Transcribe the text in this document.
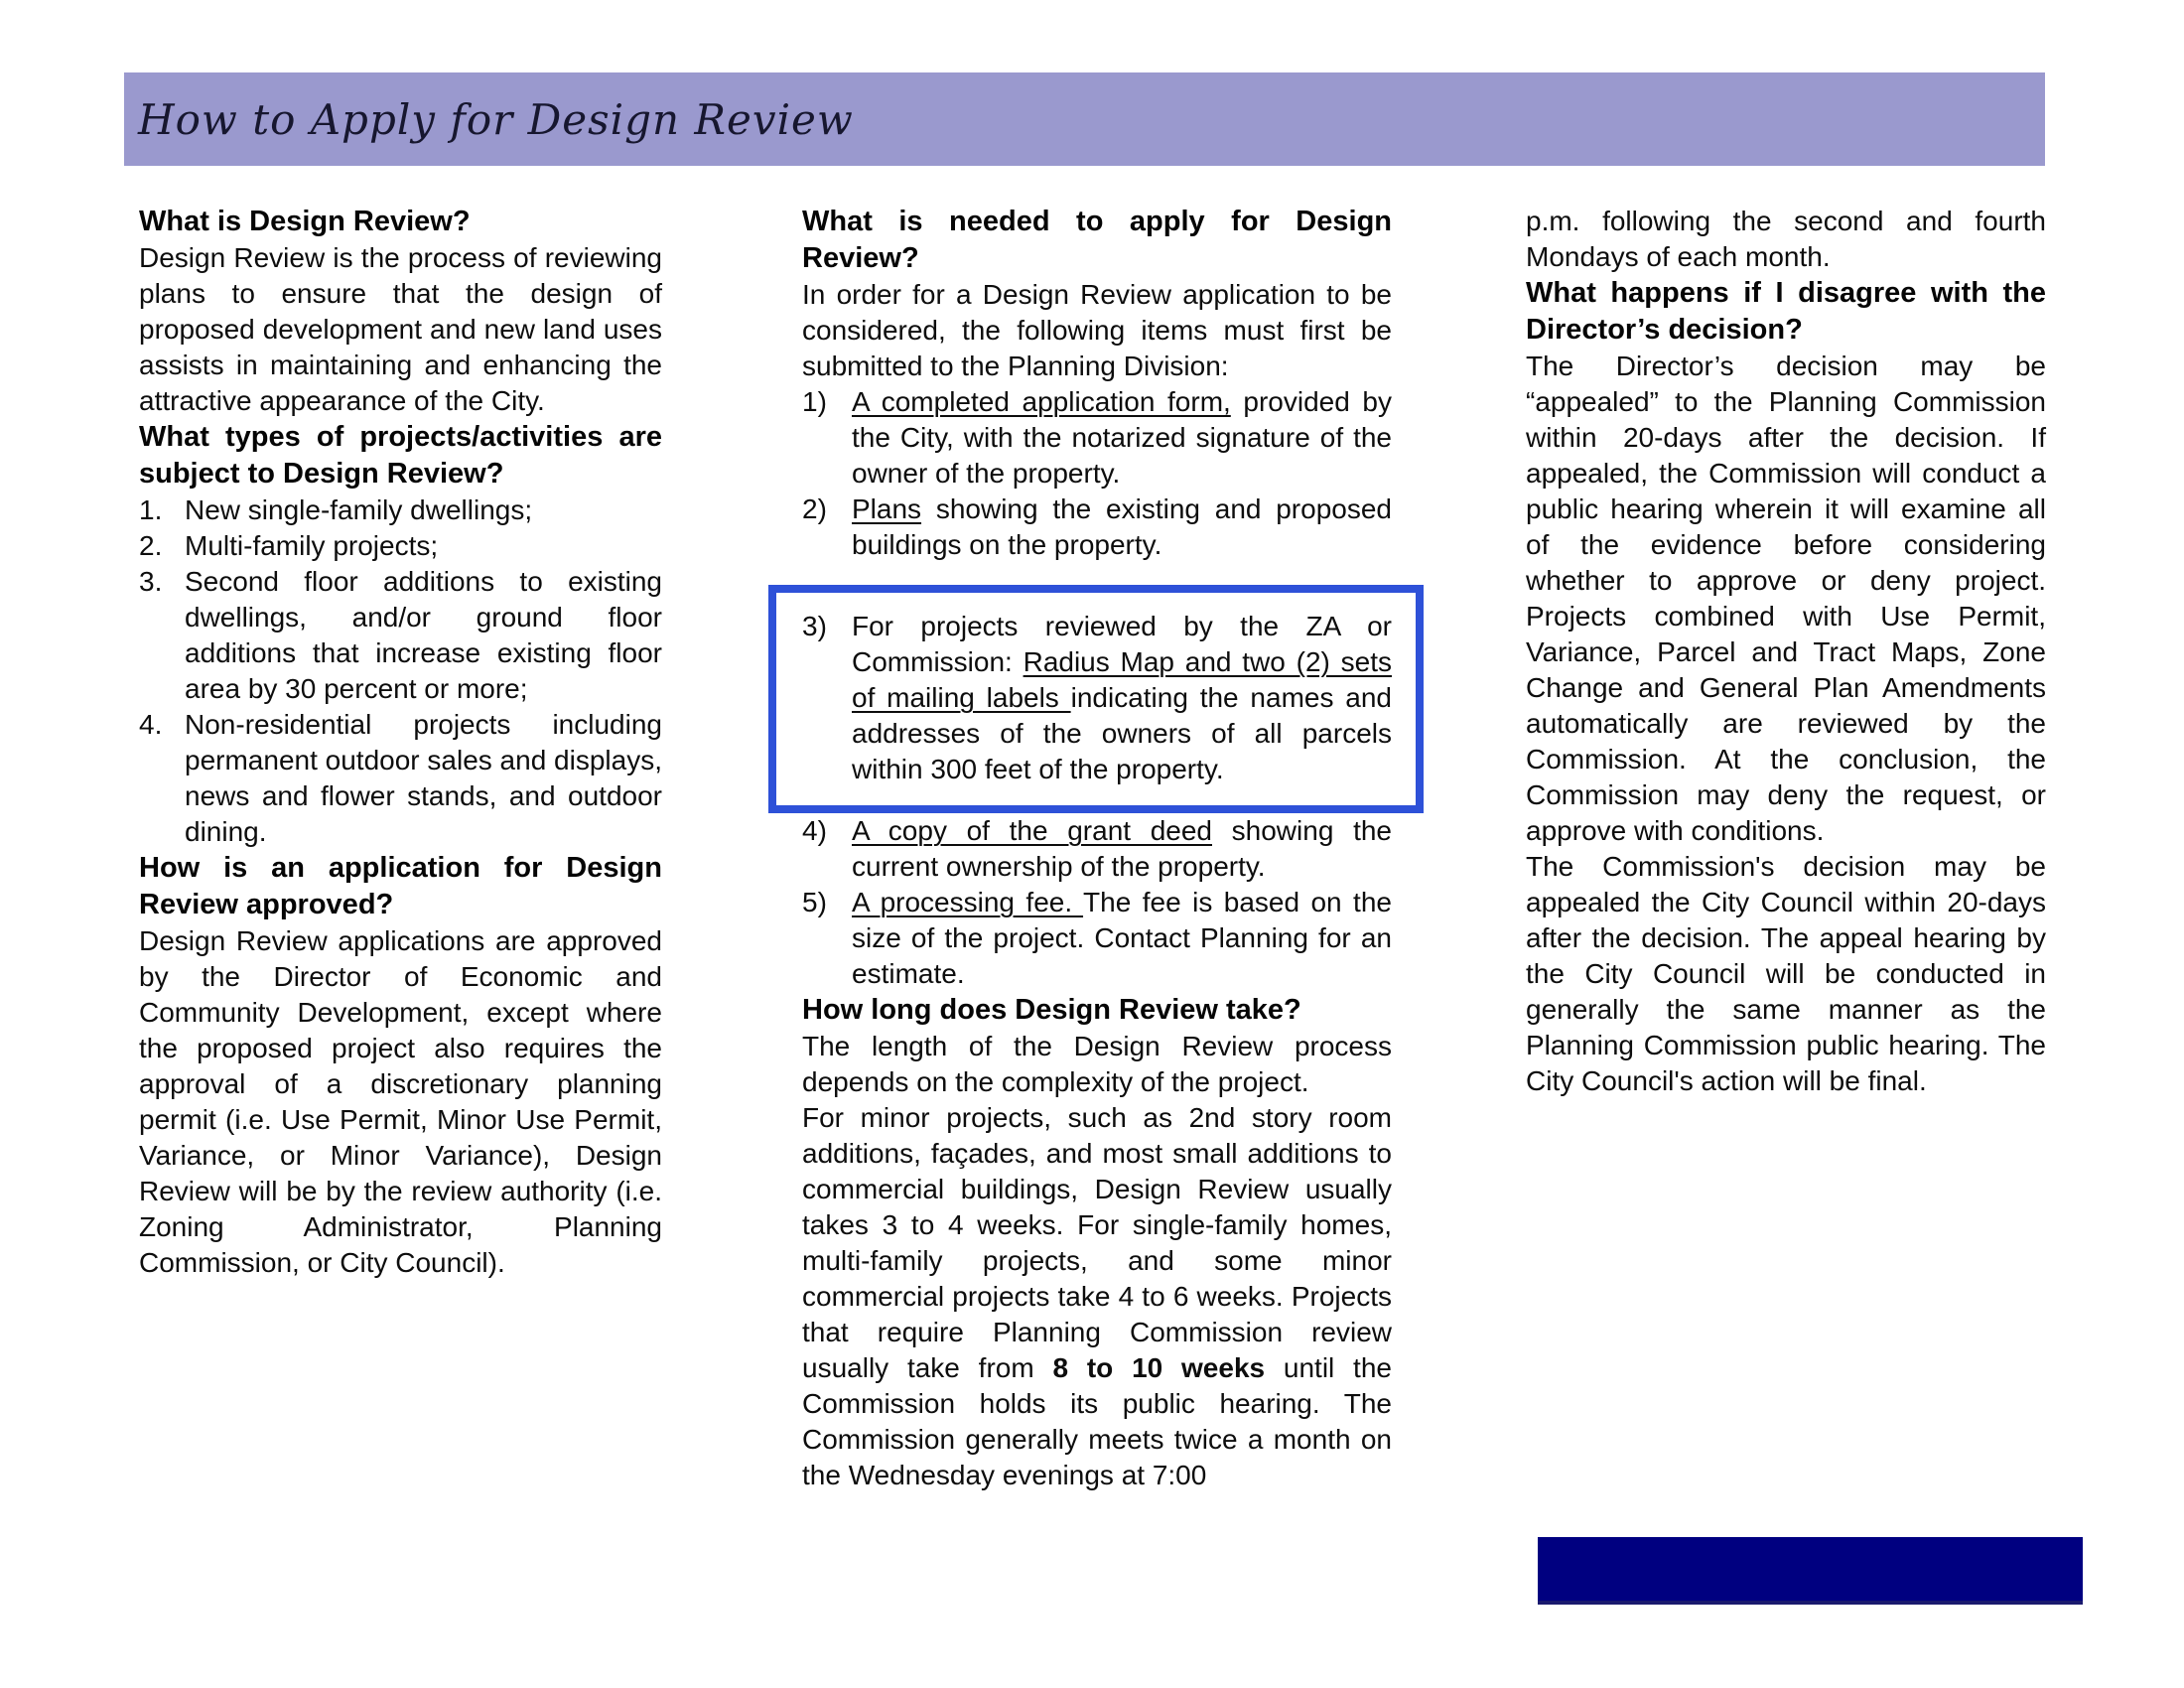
How to Apply for Design Review
What is Design Review?
Design Review is the process of reviewing plans to ensure that the design of proposed development and new land uses assists in maintaining and enhancing the attractive appearance of the City.
What types of projects/activities are subject to Design Review?
1. New single-family dwellings;
2. Multi-family projects;
3. Second floor additions to existing dwellings, and/or ground floor additions that increase existing floor area by 30 percent or more;
4. Non-residential projects including permanent outdoor sales and displays, news and flower stands, and outdoor dining.
How is an application for Design Review approved?
Design Review applications are approved by the Director of Economic and Community Development, except where the proposed project also requires the approval of a discretionary planning permit (i.e. Use Permit, Minor Use Permit, Variance, or Minor Variance), Design Review will be by the review authority (i.e. Zoning Administrator, Planning Commission, or City Council).
What is needed to apply for Design Review?
In order for a Design Review application to be considered, the following items must first be submitted to the Planning Division:
1) A completed application form, provided by the City, with the notarized signature of the owner of the property.
2) Plans showing the existing and proposed buildings on the property.
3) For projects reviewed by the ZA or Commission: Radius Map and two (2) sets of mailing labels indicating the names and addresses of the owners of all parcels within 300 feet of the property.
4) A copy of the grant deed showing the current ownership of the property.
5) A processing fee. The fee is based on the size of the project. Contact Planning for an estimate.
How long does Design Review take?
The length of the Design Review process depends on the complexity of the project.
For minor projects, such as 2nd story room additions, façades, and most small additions to commercial buildings, Design Review usually takes 3 to 4 weeks. For single-family homes, multi-family projects, and some minor commercial projects take 4 to 6 weeks. Projects that require Planning Commission review usually take from 8 to 10 weeks until the Commission holds its public hearing. The Commission generally meets twice a month on the Wednesday evenings at 7:00
p.m. following the second and fourth Mondays of each month.
What happens if I disagree with the Director’s decision?
The Director’s decision may be “appealed” to the Planning Commission within 20-days after the decision. If appealed, the Commission will conduct a public hearing wherein it will examine all of the evidence before considering whether to approve or deny project. Projects combined with Use Permit, Variance, Parcel and Tract Maps, Zone Change and General Plan Amendments automatically are reviewed by the Commission. At the conclusion, the Commission may deny the request, or approve with conditions.
The Commission's decision may be appealed the City Council within 20-days after the decision. The appeal hearing by the City Council will be conducted in generally the same manner as the Planning Commission public hearing. The City Council's action will be final.
